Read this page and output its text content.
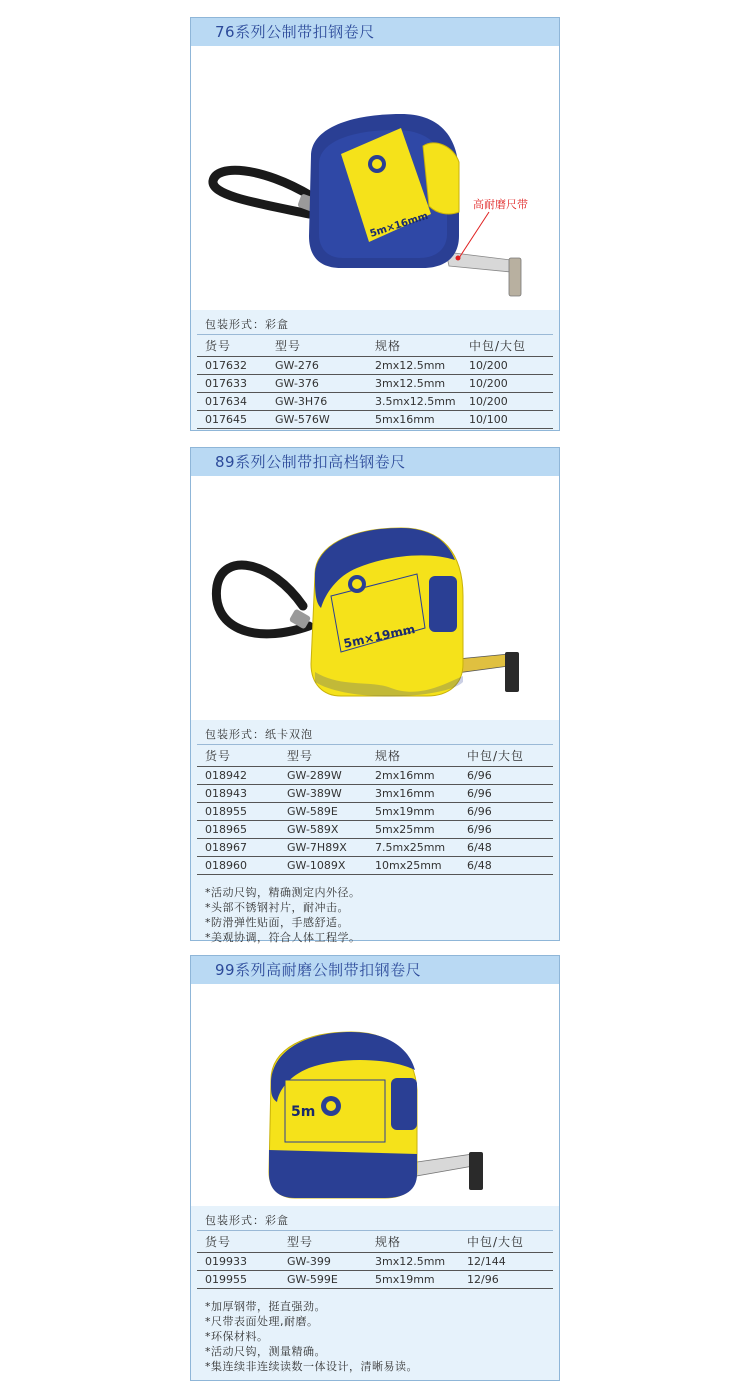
76系列公制带扣钢卷尺
5m×16mm
高耐磨尺带
包装形式：彩盒
货号	型号	规格	中包/大包
017632	GW-276	2mx12.5mm	10/200
017633	GW-376	3mx12.5mm	10/200
017634	GW-3H76	3.5mx12.5mm	10/200
017645	GW-576W	5mx16mm	10/100
89系列公制带扣高档钢卷尺
5m×19mm
包装形式：纸卡双泡
货号	型号	规格	中包/大包
018942	GW-289W	2mx16mm	6/96
018943	GW-389W	3mx16mm	6/96
018955	GW-589E	5mx19mm	6/96
018965	GW-589X	5mx25mm	6/96
018967	GW-7H89X	7.5mx25mm	6/48
018960	GW-1089X	10mx25mm	6/48
*活动尺钩，精确测定内外径。
*头部不锈钢衬片，耐冲击。
*防滑弹性贴面，手感舒适。
*美观协调，符合人体工程学。
99系列高耐磨公制带扣钢卷尺
5m
包装形式：彩盒
货号	型号	规格	中包/大包
019933	GW-399	3mx12.5mm	12/144
019955	GW-599E	5mx19mm	12/96
*加厚钢带，挺直强劲。
*尺带表面处理,耐磨。
*环保材料。
*活动尺钩，测量精确。
*集连续非连续读数一体设计，清晰易读。
